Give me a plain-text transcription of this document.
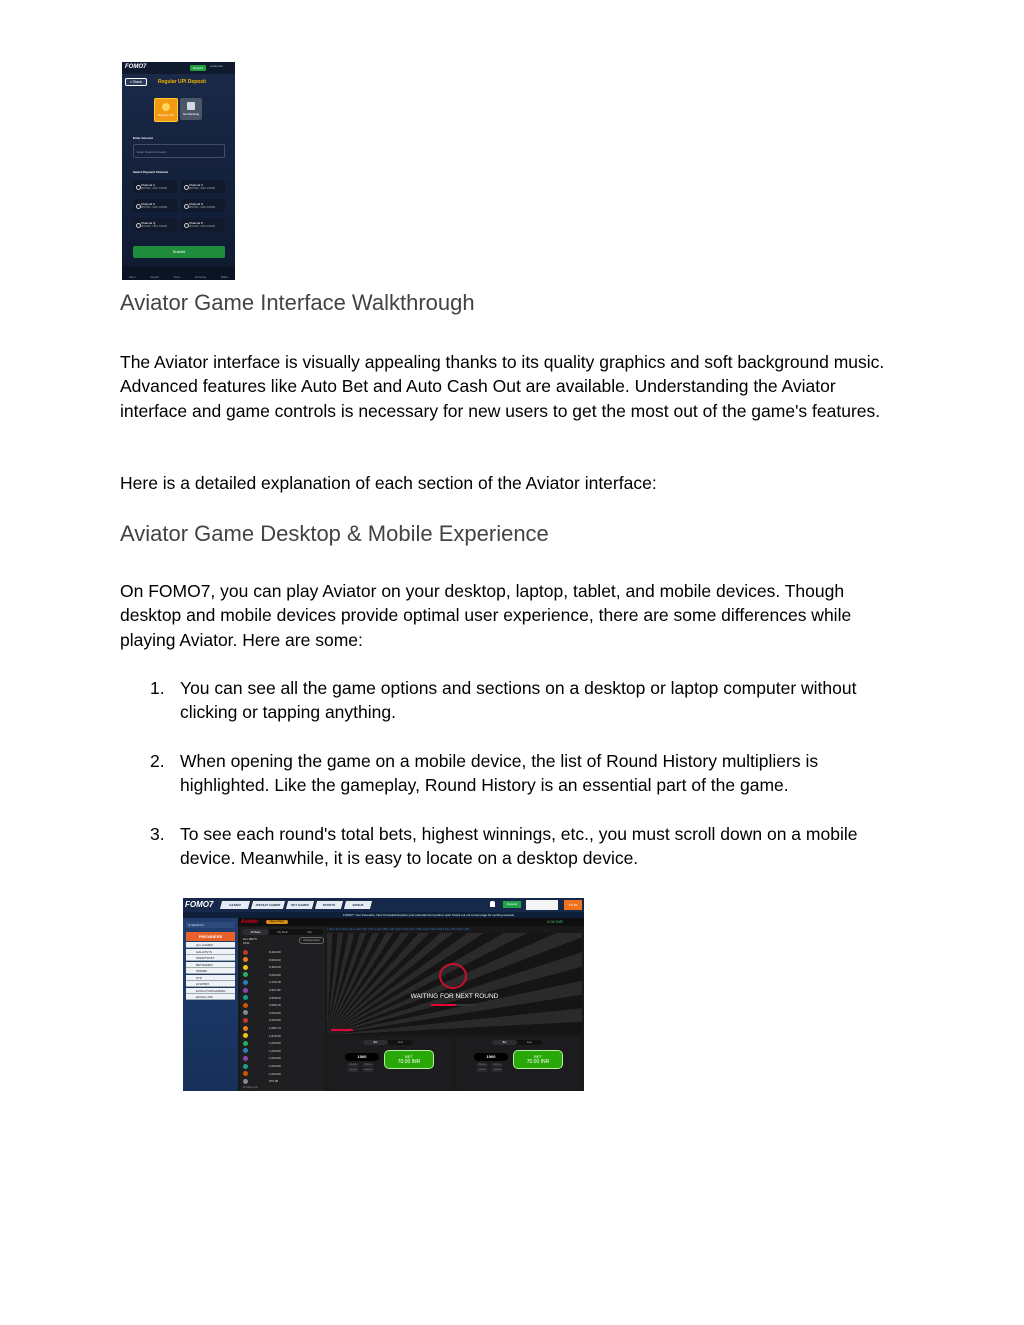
FOMO7	Deposit	aviatorfan
< Back	Regular UPI Deposit
Regular UPI	Net Banking
Enter Amount
Enter Deposit Amount
Select Payment Channel
Channel A
MIN 500 - MAX 100000
Channel V
MIN 500 - MAX 100000
Channel C
MIN 500 - MAX 100000
Channel S
MIN 500 - MAX 100000
Channel Q
MIN 500 - MAX 100000
Channel P
MIN 500 - MAX 100000
Submit
Menu	Support	Home	Exchange	Wallet
Aviator Game Interface Walkthrough

The Aviator interface is visually appealing thanks to its quality graphics and soft background music. Advanced features like Auto Bet and Auto Cash Out are available. Understanding the Aviator interface and game controls is necessary for new users to get the most out of the game's features.

Here is a detailed explanation of each section of the Aviator interface:

Aviator Game Desktop & Mobile Experience

On FOMO7, you can play Aviator on your desktop, laptop, tablet, and mobile devices. Though desktop and mobile devices provide optimal user experience, there are some differences while playing Aviator. Here are some:

1. You can see all the game options and sections on a desktop or laptop computer without clicking or tapping anything.
2. When opening the game on a mobile device, the list of Round History multipliers is highlighted. Like the gameplay, Round History is an essential part of the game.
3. To see each round's total bets, highest winnings, etc., you must scroll down on a mobile device. Meanwhile, it is easy to locate on a desktop device.
FOMO7	CASINO	INSTANT GAMES	HOT GAMES	SPORTS	BONUS	Deposit	₹ 0.00
FOMO7: Your Favourite, Now Unrivaled! Explore your entertainment partner now! Check out our bonus page for exciting rewards.
Q SEARCH
PROVIDERS
ALL GAMES
GALAXSYS
SMARTSOFT
BETGAMES
SPRIBE
STP
AVIATRIX
EVOLUTIONGAMING
EZUGI-LIVE
Aviator	How to Play?	0.00 INR
All Bets	My Bets	Top
ALL BETS
1541
Previous hand
8,400.00
8,000.00
6,400.00
5,000.00
2,725.28
2,567.82
2,558.09
2,096.15
2,000.00
2,000.00
1,080.74
1,016.09
1,000.00
1,000.00
1,000.00
1,000.00
1,000.00
976.00
Provably Fair
1.06x 2.34x 1.00x 3.12x 1.44x 7.20x 1.87x 1.12x 2.05x 1.33x 4.91x 1.01x 2.67x 1.58x 1.21x 3.44x 1.09x 2.10x 1.76x 5.02x 1.30x
WAITING FOR NEXT ROUND
Bet	Auto
1000
100.00	200.00
500.00	1000.00
BET
70.00 INR
Bet	Auto
1000
100.00	200.00
500.00	1000.00
BET
70.00 INR
